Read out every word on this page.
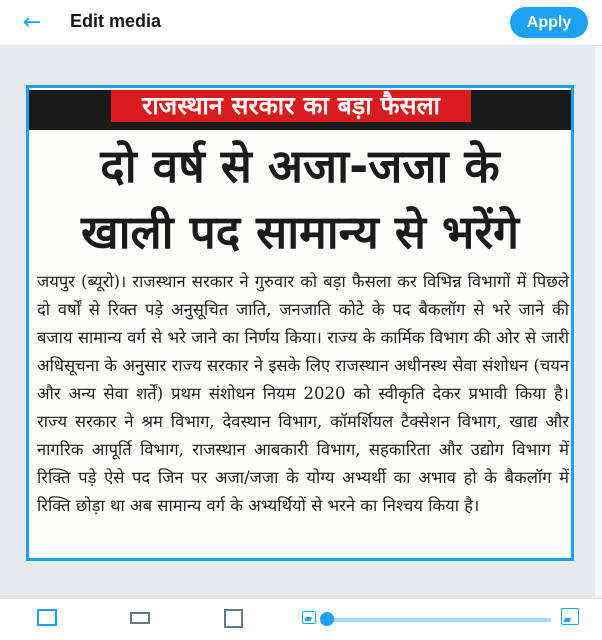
← Edit media	Apply
राजस्थान सरकार का बड़ा फैसला
दो वर्ष से अजा-जजा के
खाली पद सामान्य से भरेंगे
जयपुर (ब्यूरो)। राजस्थान सरकार ने गुरुवार को बड़ा फैसला कर विभिन्न विभागों में पिछले दो वर्षों से रिक्त पड़े अनुसूचित जाति, जनजाति कोटे के पद बैकलॉग से भरे जाने की बजाय सामान्य वर्ग से भरे जाने का निर्णय किया। राज्य के कार्मिक विभाग की ओर से जारी अधिसूचना के अनुसार राज्य सरकार ने इसके लिए राजस्थान अधीनस्थ सेवा संशोधन (चयन और अन्य सेवा शर्तें) प्रथम संशोधन नियम 2020 को स्वीकृति देकर प्रभावी किया है। राज्य सरकार ने श्रम विभाग, देवस्थान विभाग, कॉमर्शियल टैक्सेशन विभाग, खाद्य और नागरिक आपूर्ति विभाग, राजस्थान आबकारी विभाग, सहकारिता और उद्योग विभाग में रिक्ति पड़े ऐसे पद जिन पर अजा/जजा के योग्य अभ्यर्थी का अभाव हो के बैकलॉग में रिक्ति छोड़ा था अब सामान्य वर्ग के अभ्यर्थियों से भरने का निश्चय किया है।
